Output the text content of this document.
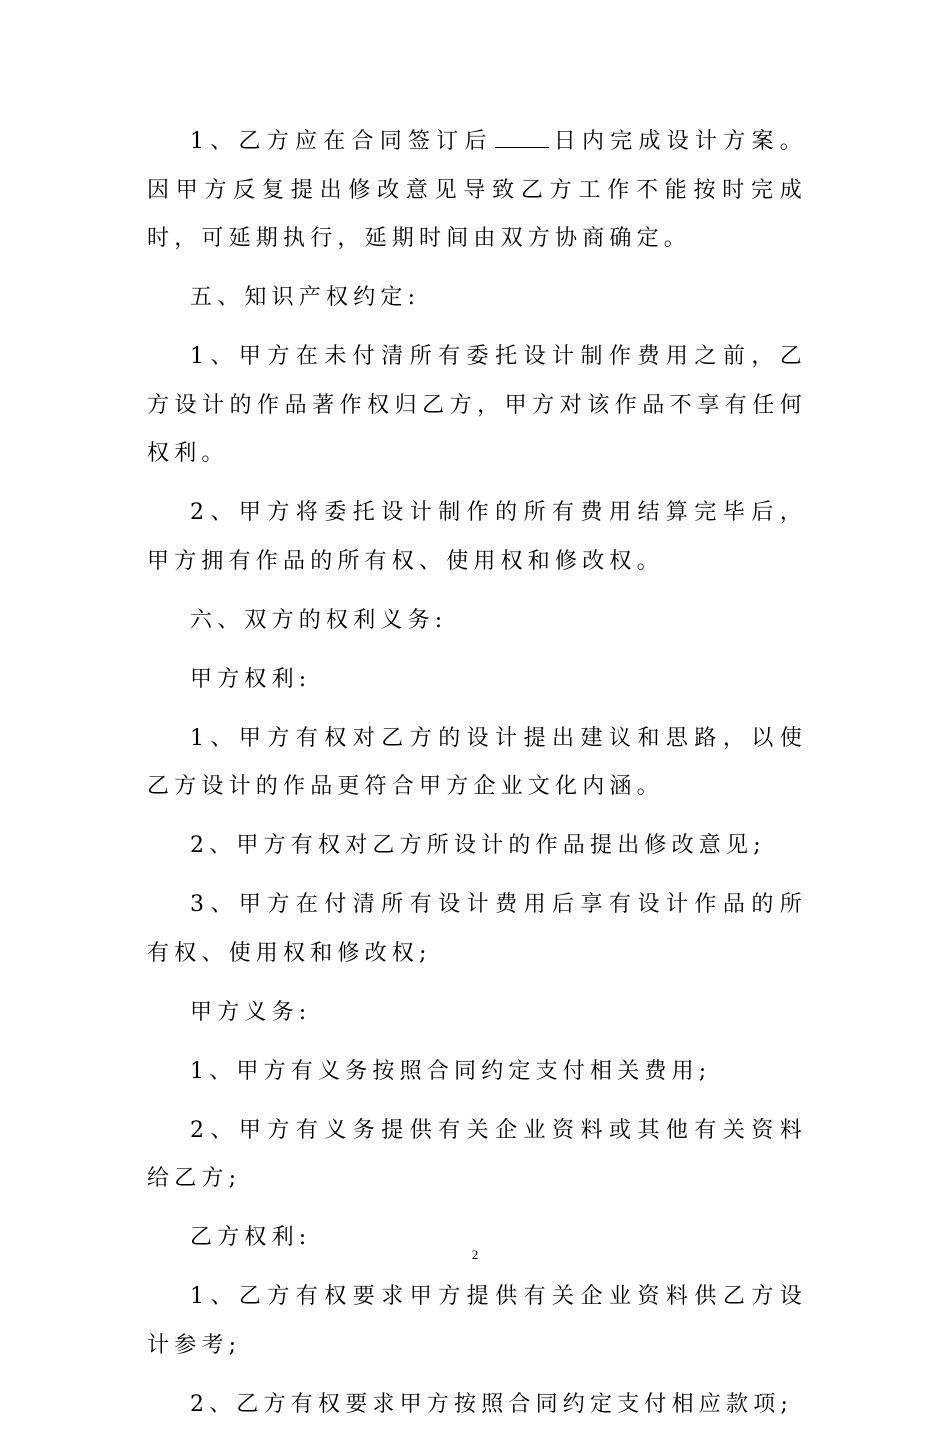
1、乙方应在合同签订后	日内完成设计方案。因甲方反复提出修改意见导致乙方工作不能按时完成时，可延期执行，延期时间由双方协商确定。

五、知识产权约定:

1、甲方在未付清所有委托设计制作费用之前，乙方设计的作品著作权归乙方，甲方对该作品不享有任何权利。

2、甲方将委托设计制作的所有费用结算完毕后，甲方拥有作品的所有权、使用权和修改权。

六、双方的权利义务:

甲方权利:

1、甲方有权对乙方的设计提出建议和思路，以使乙方设计的作品更符合甲方企业文化内涵。

2、甲方有权对乙方所设计的作品提出修改意见;

3、甲方在付清所有设计费用后享有设计作品的所有权、使用权和修改权;

甲方义务:

1、甲方有义务按照合同约定支付相关费用;

2、甲方有义务提供有关企业资料或其他有关资料给乙方;

乙方权利:

1、乙方有权要求甲方提供有关企业资料供乙方设计参考;

2、乙方有权要求甲方按照合同约定支付相应款项;

2
